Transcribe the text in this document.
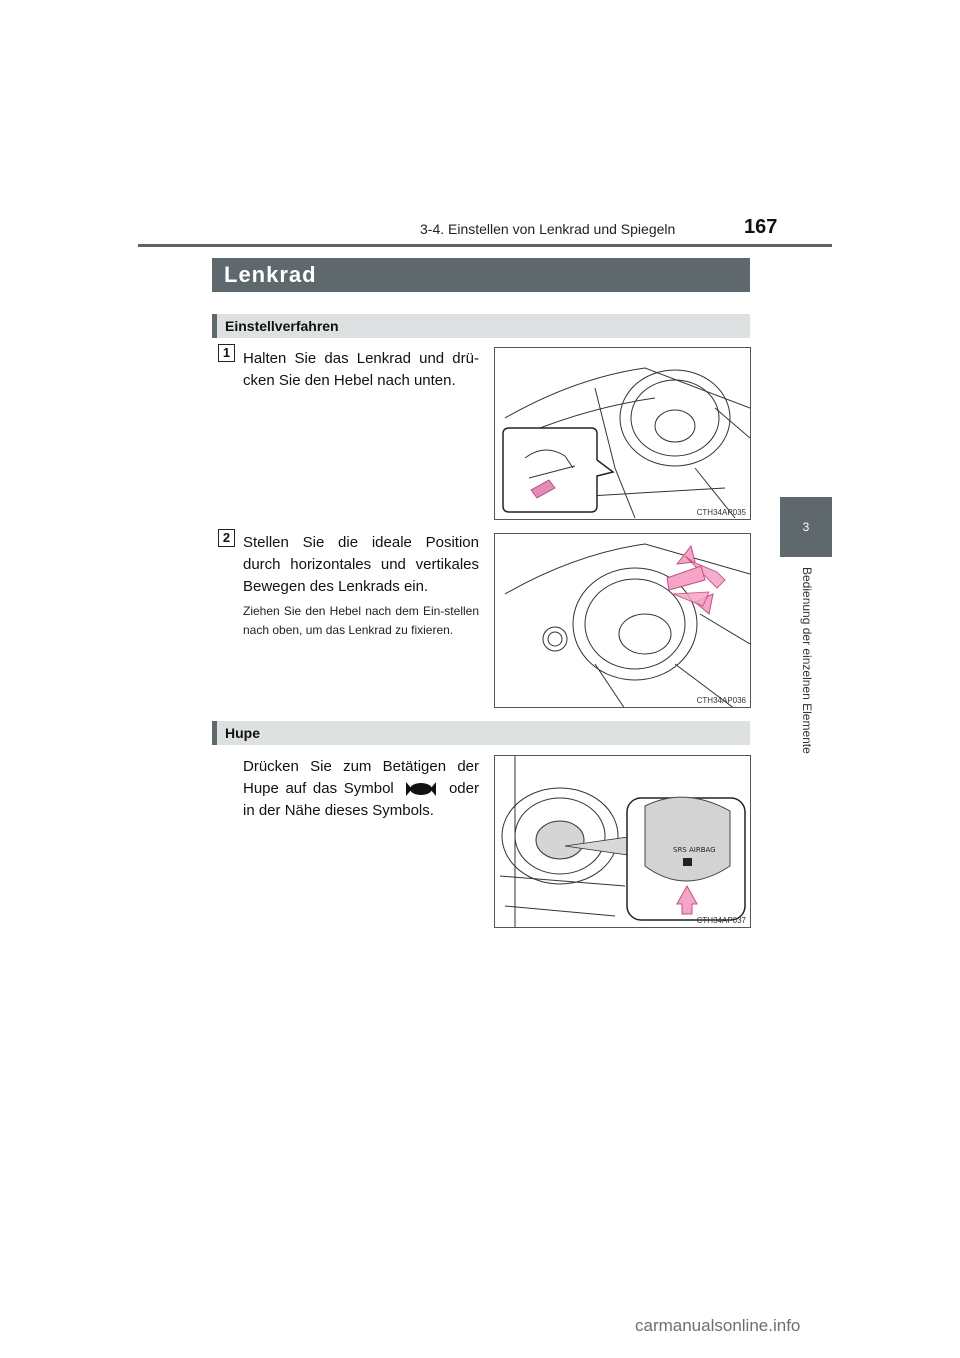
3-4. Einstellen von Lenkrad und Spiegeln	167
3
Bedienung der einzelnen Elemente
Lenkrad
Einstellverfahren
1 Halten Sie das Lenkrad und drü-cken Sie den Hebel nach unten.
CTH34AP035
2 Stellen Sie die ideale Position durch horizontales und vertikales Bewegen des Lenkrads ein.
Ziehen Sie den Hebel nach dem Ein-stellen nach oben, um das Lenkrad zu fixieren.
CTH34AP036
Hupe
Drücken Sie zum Betätigen der Hupe auf das Symbol	oder in der Nähe dieses Symbols.
SRS AIRBAG
CTH34AP037
carmanualsonline.info
